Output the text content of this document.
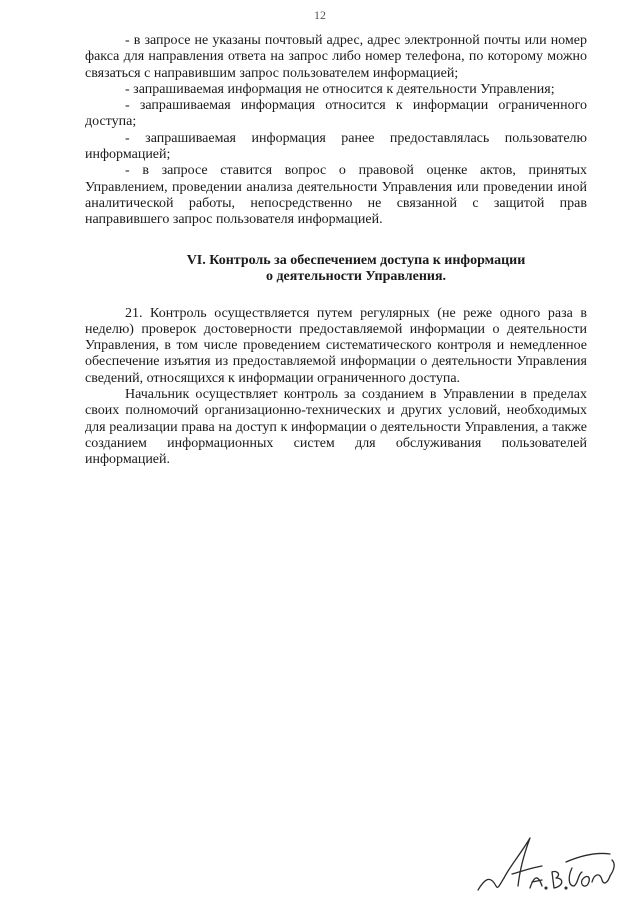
12

- в запросе не указаны почтовый адрес, адрес электронной почты или номер факса для направления ответа на запрос либо номер телефона, по которому можно связаться с направившим запрос пользователем информацией;

- запрашиваемая информация не относится к деятельности Управления;

- запрашиваемая информация относится к информации ограниченного доступа;

- запрашиваемая информация ранее предоставлялась пользователю информацией;

- в запросе ставится вопрос о правовой оценке актов, принятых Управлением, проведении анализа деятельности Управления или проведении иной аналитической работы, непосредственно не связанной с защитой прав направившего запрос пользователя информацией.

VI. Контроль за обеспечением доступа к информации
о деятельности Управления.

21. Контроль осуществляется путем регулярных (не реже одного раза в неделю) проверок достоверности предоставляемой информации о деятельности Управления, в том числе проведением систематического контроля и немедленное обеспечение изъятия из предоставляемой информации о деятельности Управления сведений, относящихся к информации ограниченного доступа.

Начальник осуществляет контроль за созданием в Управлении в пределах своих полномочий организационно-технических и других условий, необходимых для реализации права на доступ к информации о деятельности Управления, а также созданием информационных систем для обслуживания пользователей информацией.
